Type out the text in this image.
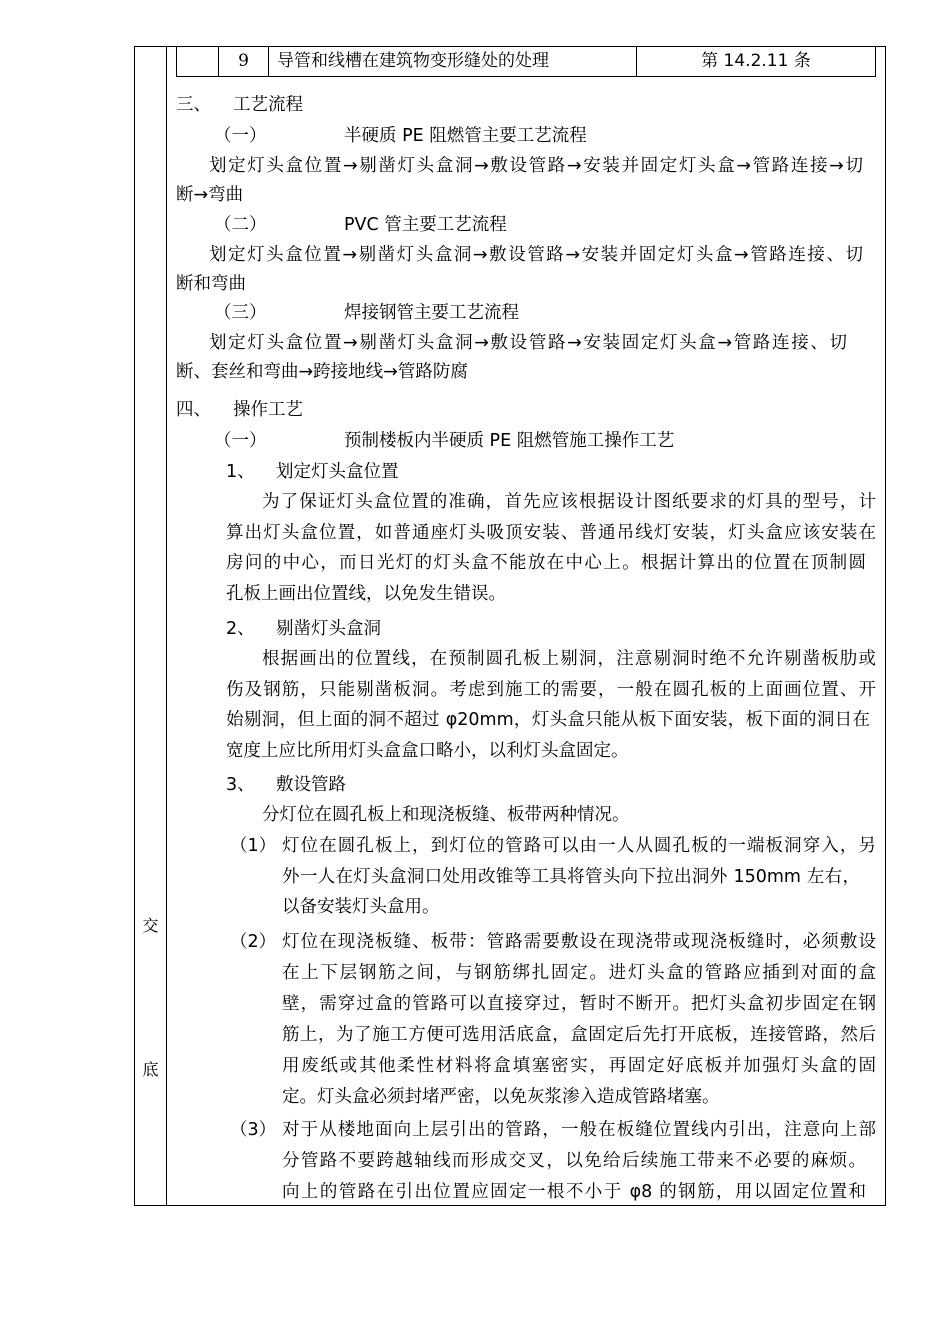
交
底
9	导管和线槽在建筑物变形缝处的处理	第 14.2.11 条
三、 工艺流程
（一）	半硬质 PE 阻燃管主要工艺流程
划定灯头盒位置→剔凿灯头盒洞→敷设管路→安装并固定灯头盒→管路连接→切
断→弯曲
（二）	PVC 管主要工艺流程
划定灯头盒位置→剔凿灯头盒洞→敷设管路→安装并固定灯头盒→管路连接、切
断和弯曲
（三）	焊接钢管主要工艺流程
划定灯头盒位置→剔凿灯头盒洞→敷设管路→安装固定灯头盒→管路连接、切
断、套丝和弯曲→跨接地线→管路防腐
四、 操作工艺
（一）	预制楼板内半硬质 PE 阻燃管施工操作工艺
1、 划定灯头盒位置
为了保证灯头盒位置的准确，首先应该根据设计图纸要求的灯具的型号，计
算出灯头盒位置，如普通座灯头吸顶安装、普通吊线灯安装，灯头盒应该安装在
房问的中心，而日光灯的灯头盒不能放在中心上。根据计算出的位置在顶制圆
孔板上画出位置线，以免发生错误。
2、 剔凿灯头盒洞
根据画出的位置线，在预制圆孔板上剔洞，注意剔洞时绝不允许剔凿板肋或
伤及钢筋，只能剔凿板洞。考虑到施工的需要，一般在圆孔板的上面画位置、开
始剔洞，但上面的洞不超过 φ20mm，灯头盒只能从板下面安装，板下面的洞日在
宽度上应比所用灯头盒盒口略小，以利灯头盒固定。
3、 敷设管路
分灯位在圆孔板上和现浇板缝、板带两种情况。
（1） 灯位在圆孔板上，到灯位的管路可以由一人从圆孔板的一端板洞穿入，另
外一人在灯头盒洞口处用改锥等工具将管头向下拉出洞外 150mm 左右，
以备安装灯头盒用。
（2） 灯位在现浇板缝、板带：管路需要敷设在现浇带或现浇板缝时，必须敷设
在上下层钢筋之间，与钢筋绑扎固定。进灯头盒的管路应插到对面的盒
壁，需穿过盒的管路可以直接穿过，暂时不断开。把灯头盒初步固定在钢
筋上，为了施工方便可选用活底盒，盒固定后先打开底板，连接管路，然后
用废纸或其他柔性材料将盒填塞密实，再固定好底板并加强灯头盒的固
定。灯头盒必须封堵严密，以免灰浆渗入造成管路堵塞。
（3） 对于从楼地面向上层引出的管路，一般在板缝位置线内引出，注意向上部
分管路不要跨越轴线而形成交叉，以免给后续施工带来不必要的麻烦。
向上的管路在引出位置应固定一根不小于 φ8 的钢筋，用以固定位置和
